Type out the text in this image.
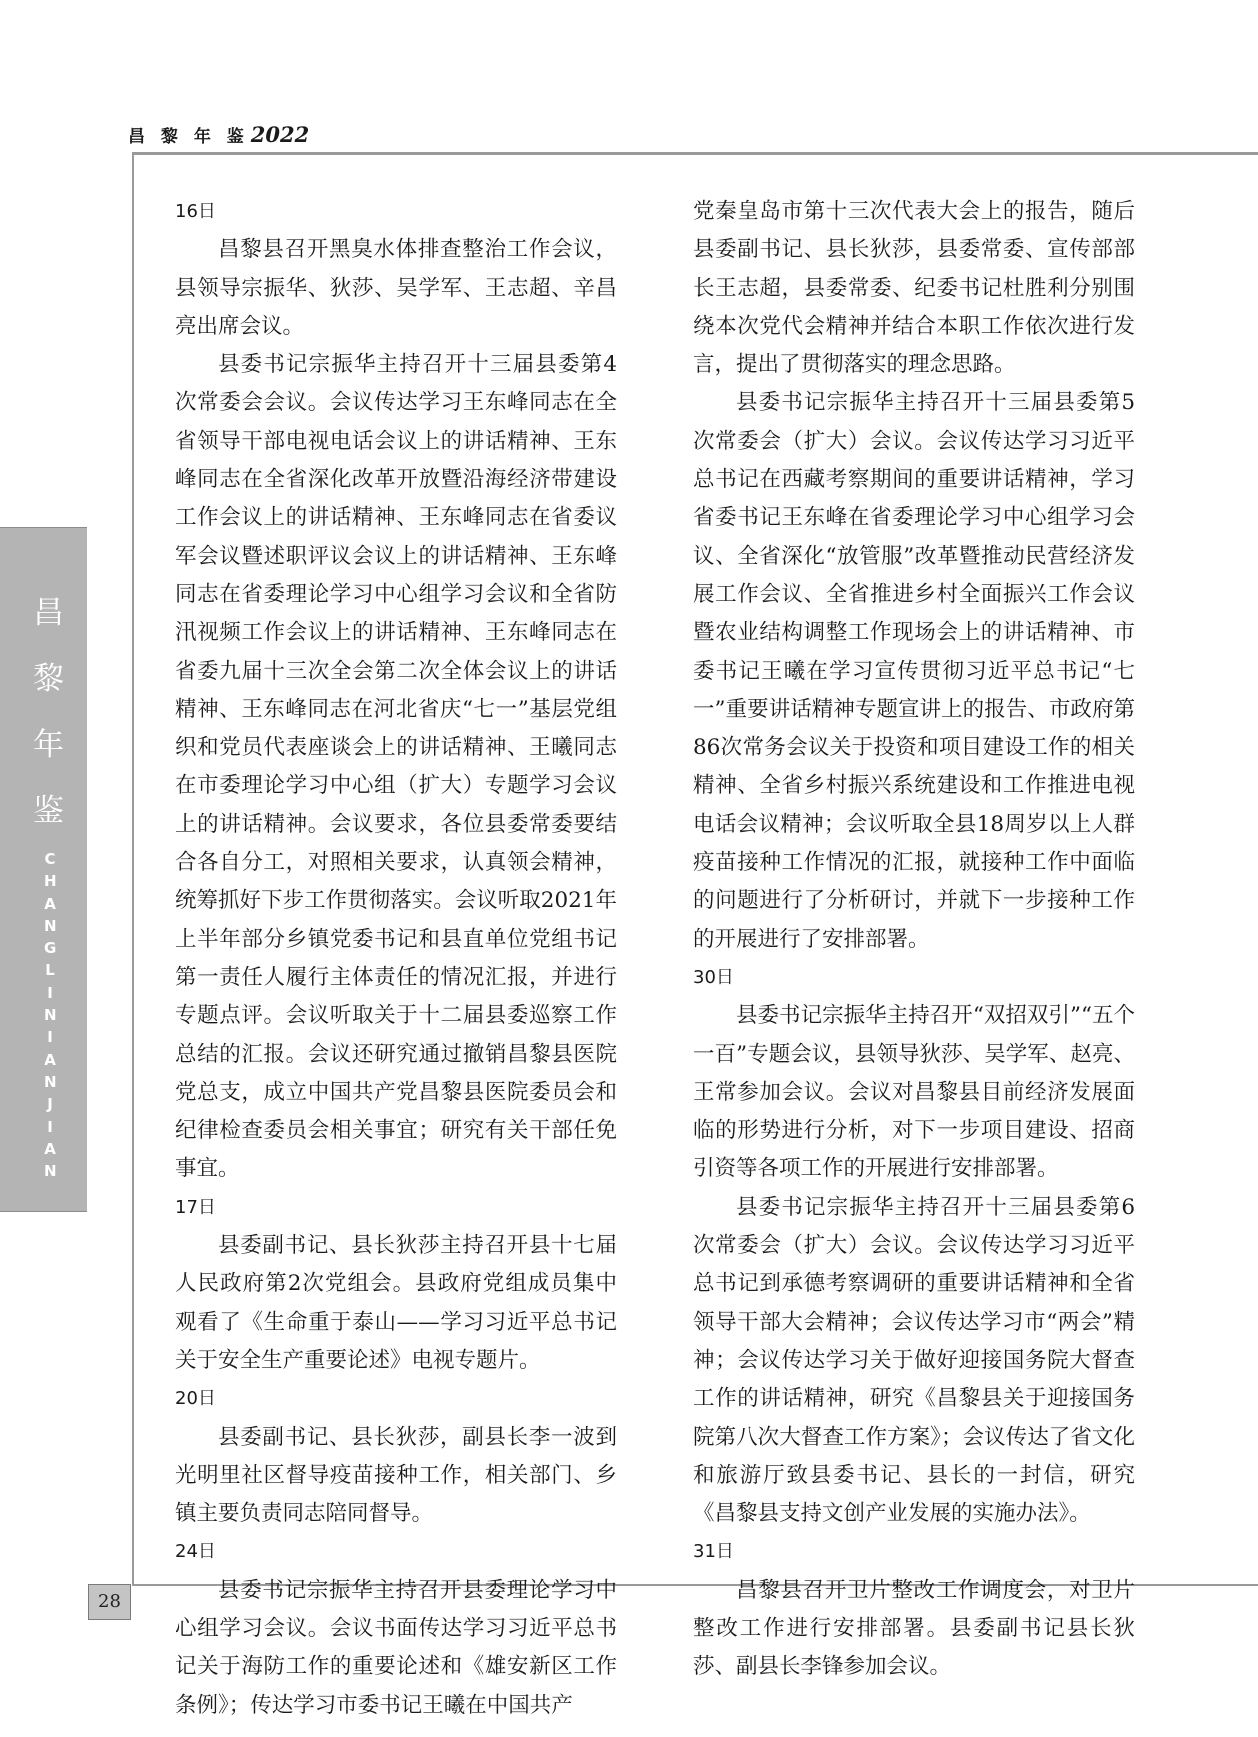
昌 黎 年 鉴2022
昌
黎
年
鉴
C
H
A
N
G
L
I
N
I
A
N
J
I
A
N
16日

昌黎县召开黑臭水体排查整治工作会议，县领导宗振华、狄莎、吴学军、王志超、辛昌亮出席会议。

县委书记宗振华主持召开十三届县委第4次常委会会议。会议传达学习王东峰同志在全省领导干部电视电话会议上的讲话精神、王东峰同志在全省深化改革开放暨沿海经济带建设工作会议上的讲话精神、王东峰同志在省委议军会议暨述职评议会议上的讲话精神、王东峰同志在省委理论学习中心组学习会议和全省防汛视频工作会议上的讲话精神、王东峰同志在省委九届十三次全会第二次全体会议上的讲话精神、王东峰同志在河北省庆“七一”基层党组织和党员代表座谈会上的讲话精神、王曦同志在市委理论学习中心组（扩大）专题学习会议上的讲话精神。会议要求，各位县委常委要结合各自分工，对照相关要求，认真领会精神，统筹抓好下步工作贯彻落实。会议听取2021年上半年部分乡镇党委书记和县直单位党组书记第一责任人履行主体责任的情况汇报，并进行专题点评。会议听取关于十二届县委巡察工作总结的汇报。会议还研究通过撤销昌黎县医院党总支，成立中国共产党昌黎县医院委员会和纪律检查委员会相关事宜；研究有关干部任免事宜。

17日

县委副书记、县长狄莎主持召开县十七届人民政府第2次党组会。县政府党组成员集中观看了《生命重于泰山——学习习近平总书记关于安全生产重要论述》电视专题片。

20日

县委副书记、县长狄莎，副县长李一波到光明里社区督导疫苗接种工作，相关部门、乡镇主要负责同志陪同督导。

24日

县委书记宗振华主持召开县委理论学习中心组学习会议。会议书面传达学习习近平总书记关于海防工作的重要论述和《雄安新区工作条例》；传达学习市委书记王曦在中国共产

党秦皇岛市第十三次代表大会上的报告，随后县委副书记、县长狄莎，县委常委、宣传部部长王志超，县委常委、纪委书记杜胜利分别围绕本次党代会精神并结合本职工作依次进行发言，提出了贯彻落实的理念思路。

县委书记宗振华主持召开十三届县委第5次常委会（扩大）会议。会议传达学习习近平总书记在西藏考察期间的重要讲话精神，学习省委书记王东峰在省委理论学习中心组学习会议、全省深化“放管服”改革暨推动民营经济发展工作会议、全省推进乡村全面振兴工作会议暨农业结构调整工作现场会上的讲话精神、市委书记王曦在学习宣传贯彻习近平总书记“七一”重要讲话精神专题宣讲上的报告、市政府第86次常务会议关于投资和项目建设工作的相关精神、全省乡村振兴系统建设和工作推进电视电话会议精神；会议听取全县18周岁以上人群疫苗接种工作情况的汇报，就接种工作中面临的问题进行了分析研讨，并就下一步接种工作的开展进行了安排部署。

30日

县委书记宗振华主持召开“双招双引”“五个一百”专题会议，县领导狄莎、吴学军、赵亮、王常参加会议。会议对昌黎县目前经济发展面临的形势进行分析，对下一步项目建设、招商引资等各项工作的开展进行安排部署。

县委书记宗振华主持召开十三届县委第6次常委会（扩大）会议。会议传达学习习近平总书记到承德考察调研的重要讲话精神和全省领导干部大会精神；会议传达学习市“两会”精神；会议传达学习关于做好迎接国务院大督查工作的讲话精神，研究《昌黎县关于迎接国务院第八次大督查工作方案》；会议传达了省文化和旅游厅致县委书记、县长的一封信，研究《昌黎县支持文创产业发展的实施办法》。

31日

昌黎县召开卫片整改工作调度会，对卫片整改工作进行安排部署。县委副书记县长狄莎、副县长李锋参加会议。

28
